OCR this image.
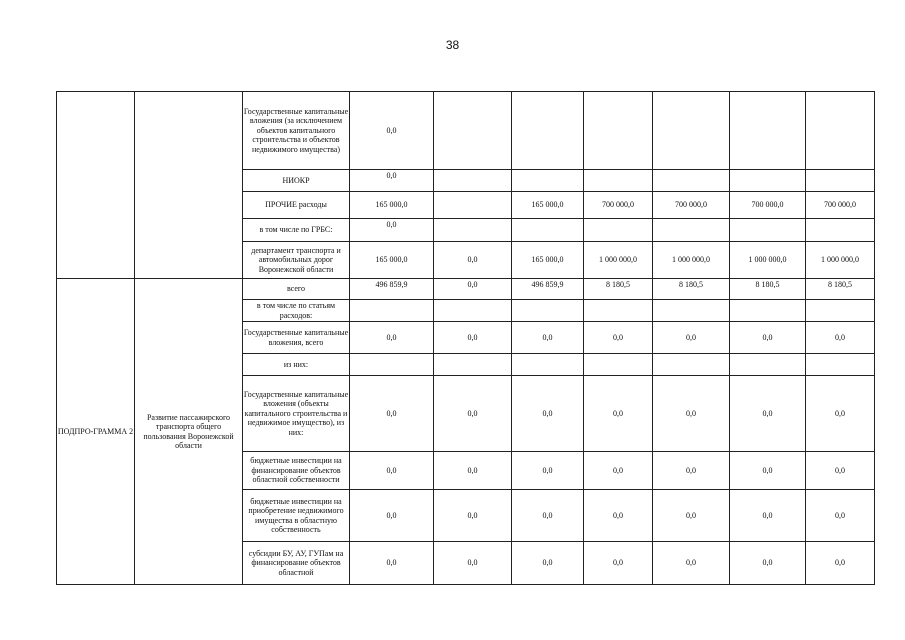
38
		Государственные капитальные вложения (за исключением объектов капитального строительства и объектов недвижимого имущества)	0,0						
		НИОКР	0,0						
		ПРОЧИЕ расходы	165 000,0		165 000,0	700 000,0	700 000,0	700 000,0	700 000,0
		в том числе по ГРБС:	0,0						
		департамент транспорта и автомобильных дорог Воронежской области	165 000,0	0,0	165 000,0	1 000 000,0	1 000 000,0	1 000 000,0	1 000 000,0
ПОДПРО-ГРАММА 2	Развитие пассажирского транспорта общего пользования Воронежской области	всего	496 859,9	0,0	496 859,9	8 180,5	8 180,5	8 180,5	8 180,5
		в том числе по статьям расходов:							
		Государственные капитальные вложения, всего	0,0	0,0	0,0	0,0	0,0	0,0	0,0
		из них:							
		Государственные капитальные вложения (объекты капитального строительства и недвижимое имущество), из них:	0,0	0,0	0,0	0,0	0,0	0,0	0,0
		бюджетные инвестиции на финансирование объектов областной собственности	0,0	0,0	0,0	0,0	0,0	0,0	0,0
		бюджетные инвестиции на приобретение недвижимого имущества в областную собственность	0,0	0,0	0,0	0,0	0,0	0,0	0,0
		субсидии БУ, АУ, ГУПам на финансирование объектов областной	0,0	0,0	0,0	0,0	0,0	0,0	0,0
